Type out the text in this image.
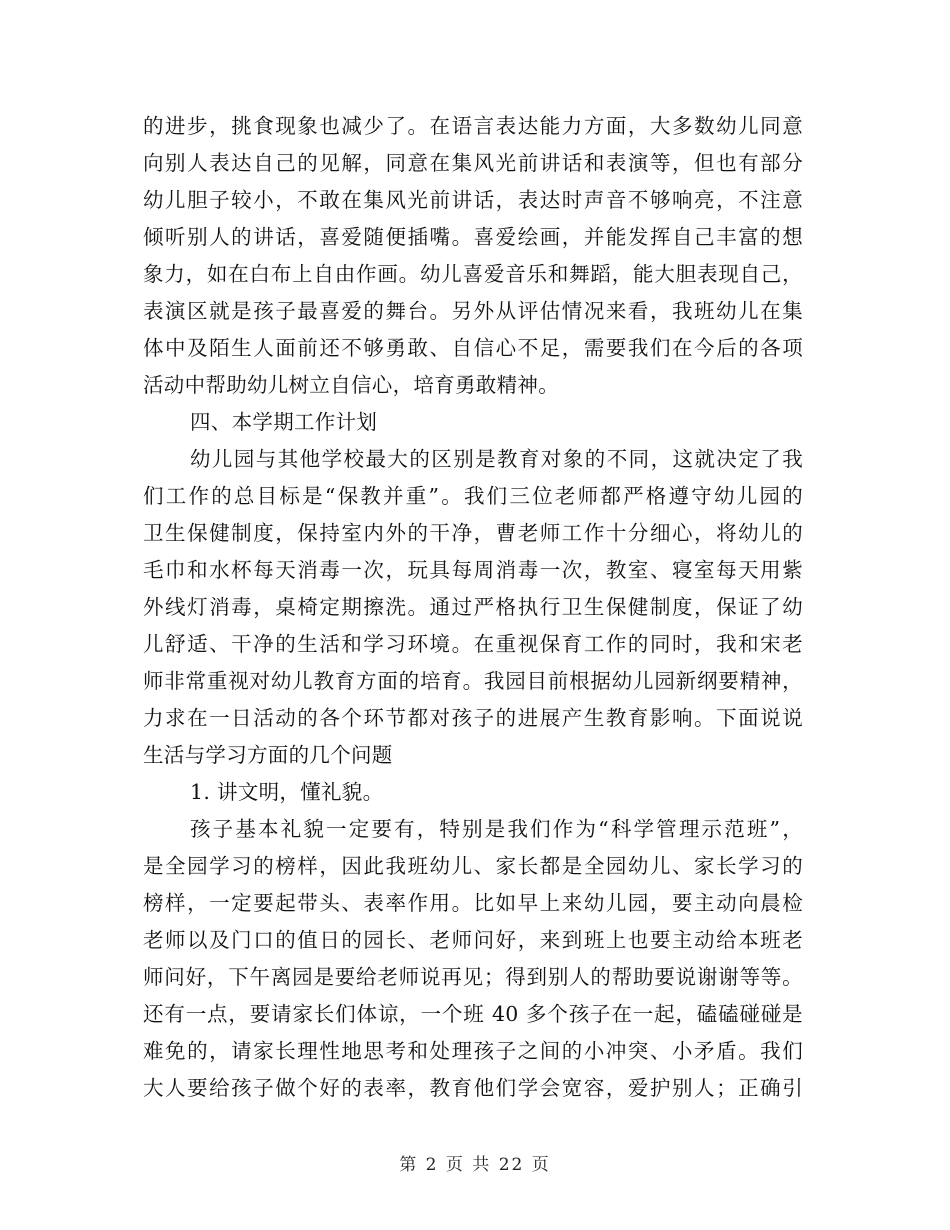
的进步，挑食现象也减少了。在语言表达能力方面，大多数幼儿同意
向别人表达自己的见解，同意在集风光前讲话和表演等，但也有部分
幼儿胆子较小，不敢在集风光前讲话，表达时声音不够响亮，不注意
倾听别人的讲话，喜爱随便插嘴。喜爱绘画，并能发挥自己丰富的想
象力，如在白布上自由作画。幼儿喜爱音乐和舞蹈，能大胆表现自己，
表演区就是孩子最喜爱的舞台。另外从评估情况来看，我班幼儿在集
体中及陌生人面前还不够勇敢、自信心不足，需要我们在今后的各项
活动中帮助幼儿树立自信心，培育勇敢精神。
四、本学期工作计划
幼儿园与其他学校最大的区别是教育对象的不同，这就决定了我
们工作的总目标是“保教并重”。我们三位老师都严格遵守幼儿园的
卫生保健制度，保持室内外的干净，曹老师工作十分细心，将幼儿的
毛巾和水杯每天消毒一次，玩具每周消毒一次，教室、寝室每天用紫
外线灯消毒，桌椅定期擦洗。通过严格执行卫生保健制度，保证了幼
儿舒适、干净的生活和学习环境。在重视保育工作的同时，我和宋老
师非常重视对幼儿教育方面的培育。我园目前根据幼儿园新纲要精神，
力求在一日活动的各个环节都对孩子的进展产生教育影响。下面说说
生活与学习方面的几个问题
1. 讲文明，懂礼貌。
孩子基本礼貌一定要有，特别是我们作为“科学管理示范班”，
是全园学习的榜样，因此我班幼儿、家长都是全园幼儿、家长学习的
榜样，一定要起带头、表率作用。比如早上来幼儿园，要主动向晨检
老师以及门口的值日的园长、老师问好，来到班上也要主动给本班老
师问好，下午离园是要给老师说再见；得到别人的帮助要说谢谢等等。
还有一点，要请家长们体谅，一个班 40 多个孩子在一起，磕磕碰碰是
难免的，请家长理性地思考和处理孩子之间的小冲突、小矛盾。我们
大人要给孩子做个好的表率，教育他们学会宽容，爱护别人；正确引
第 2 页 共 22 页
